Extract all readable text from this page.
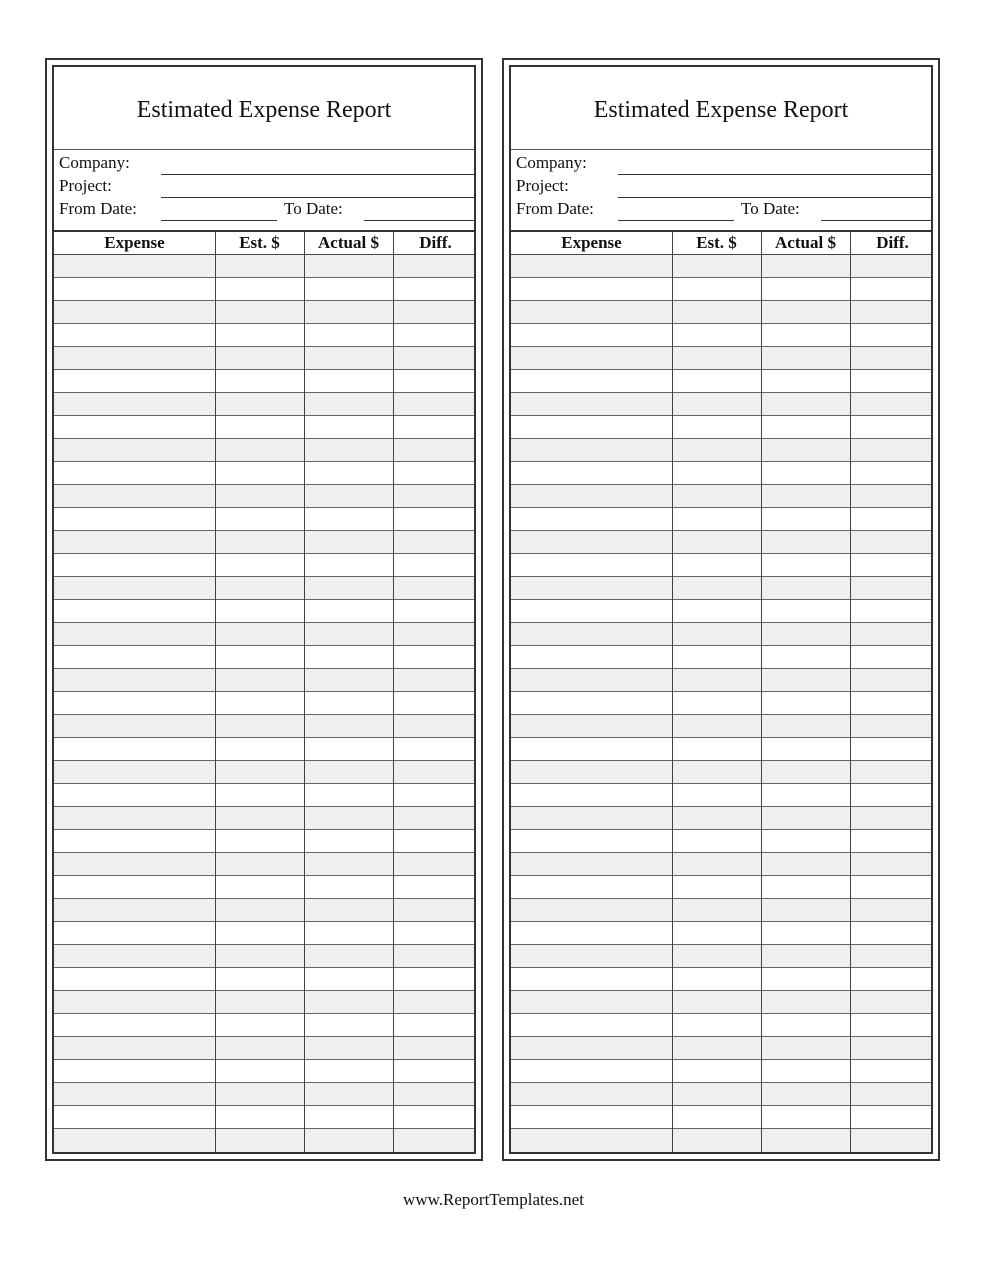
Estimated Expense Report
Company:
Project:
From Date:	To Date:
Expense	Est. $	Actual $	Diff.
Estimated Expense Report
Company:
Project:
From Date:	To Date:
Expense	Est. $	Actual $	Diff.
www.ReportTemplates.net
